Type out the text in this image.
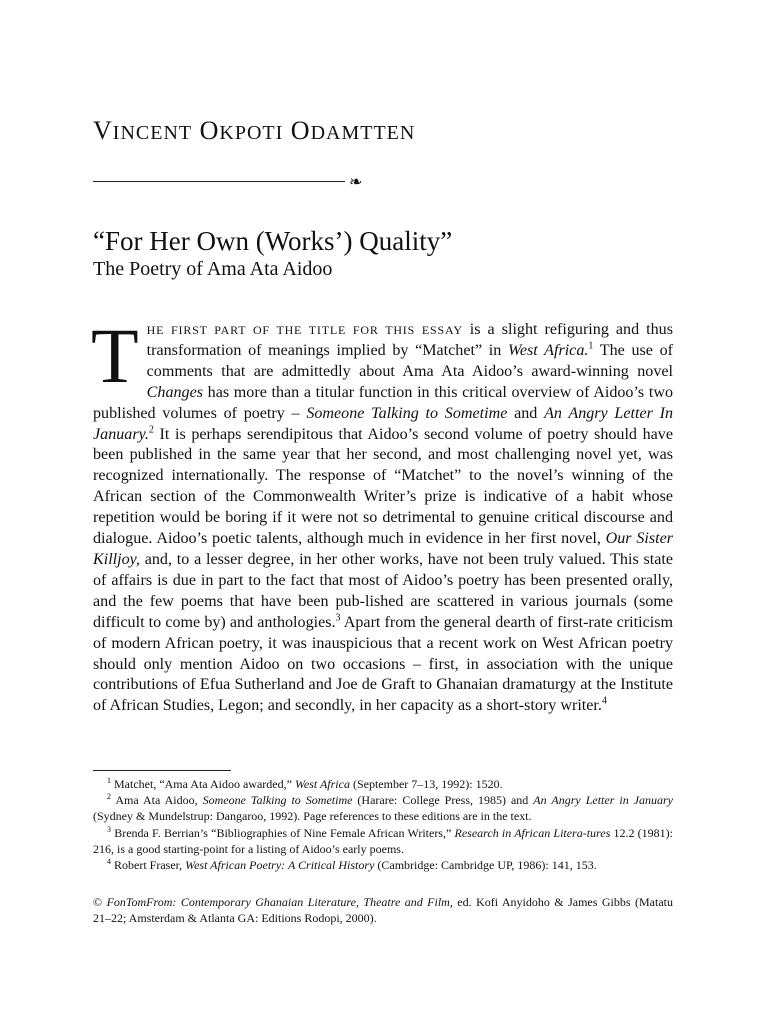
VINCENT OKPOTI ODAMTTEN
❧
“For Her Own (Works’) Quality”
The Poetry of Ama Ata Aidoo
THE FIRST PART OF THE TITLE FOR THIS ESSAY is a slight refiguring and thus transformation of meanings implied by “Matchet” in West Africa.$^1$ The use of comments that are admittedly about Ama Ata Aidoo’s award-winning novel Changes has more than a titular function in this critical overview of Aidoo’s two published volumes of poetry – Someone Talking to Sometime and An Angry Letter In January.$^2$ It is perhaps serendipitous that Aidoo’s second volume of poetry should have been published in the same year that her second, and most challenging novel yet, was recognized internationally. The response of “Matchet” to the novel’s winning of the African section of the Commonwealth Writer’s prize is indicative of a habit whose repetition would be boring if it were not so detrimental to genuine critical discourse and dialogue. Aidoo’s poetic talents, although much in evidence in her first novel, Our Sister Killjoy, and, to a lesser degree, in her other works, have not been truly valued. This state of affairs is due in part to the fact that most of Aidoo’s poetry has been presented orally, and the few poems that have been pub-lished are scattered in various journals (some difficult to come by) and anthologies.$^3$ Apart from the general dearth of first-rate criticism of modern African poetry, it was inauspicious that a recent work on West African poetry should only mention Aidoo on two occasions – first, in association with the unique contributions of Efua Sutherland and Joe de Graft to Ghanaian dramaturgy at the Institute of African Studies, Legon; and secondly, in her capacity as a short-story writer.$^4$
$^1$ Matchet, “Ama Ata Aidoo awarded,” West Africa (September 7–13, 1992): 1520.
$^2$ Ama Ata Aidoo, Someone Talking to Sometime (Harare: College Press, 1985) and An Angry Letter in January (Sydney & Mundelstrup: Dangaroo, 1992). Page references to these editions are in the text.
$^3$ Brenda F. Berrian’s “Bibliographies of Nine Female African Writers,” Research in African Litera-tures 12.2 (1981): 216, is a good starting-point for a listing of Aidoo’s early poems.
$^4$ Robert Fraser, West African Poetry: A Critical History (Cambridge: Cambridge UP, 1986): 141, 153.
© FonTomFrom: Contemporary Ghanaian Literature, Theatre and Film, ed. Kofi Anyidoho & James Gibbs (Matatu 21–22; Amsterdam & Atlanta GA: Editions Rodopi, 2000).
